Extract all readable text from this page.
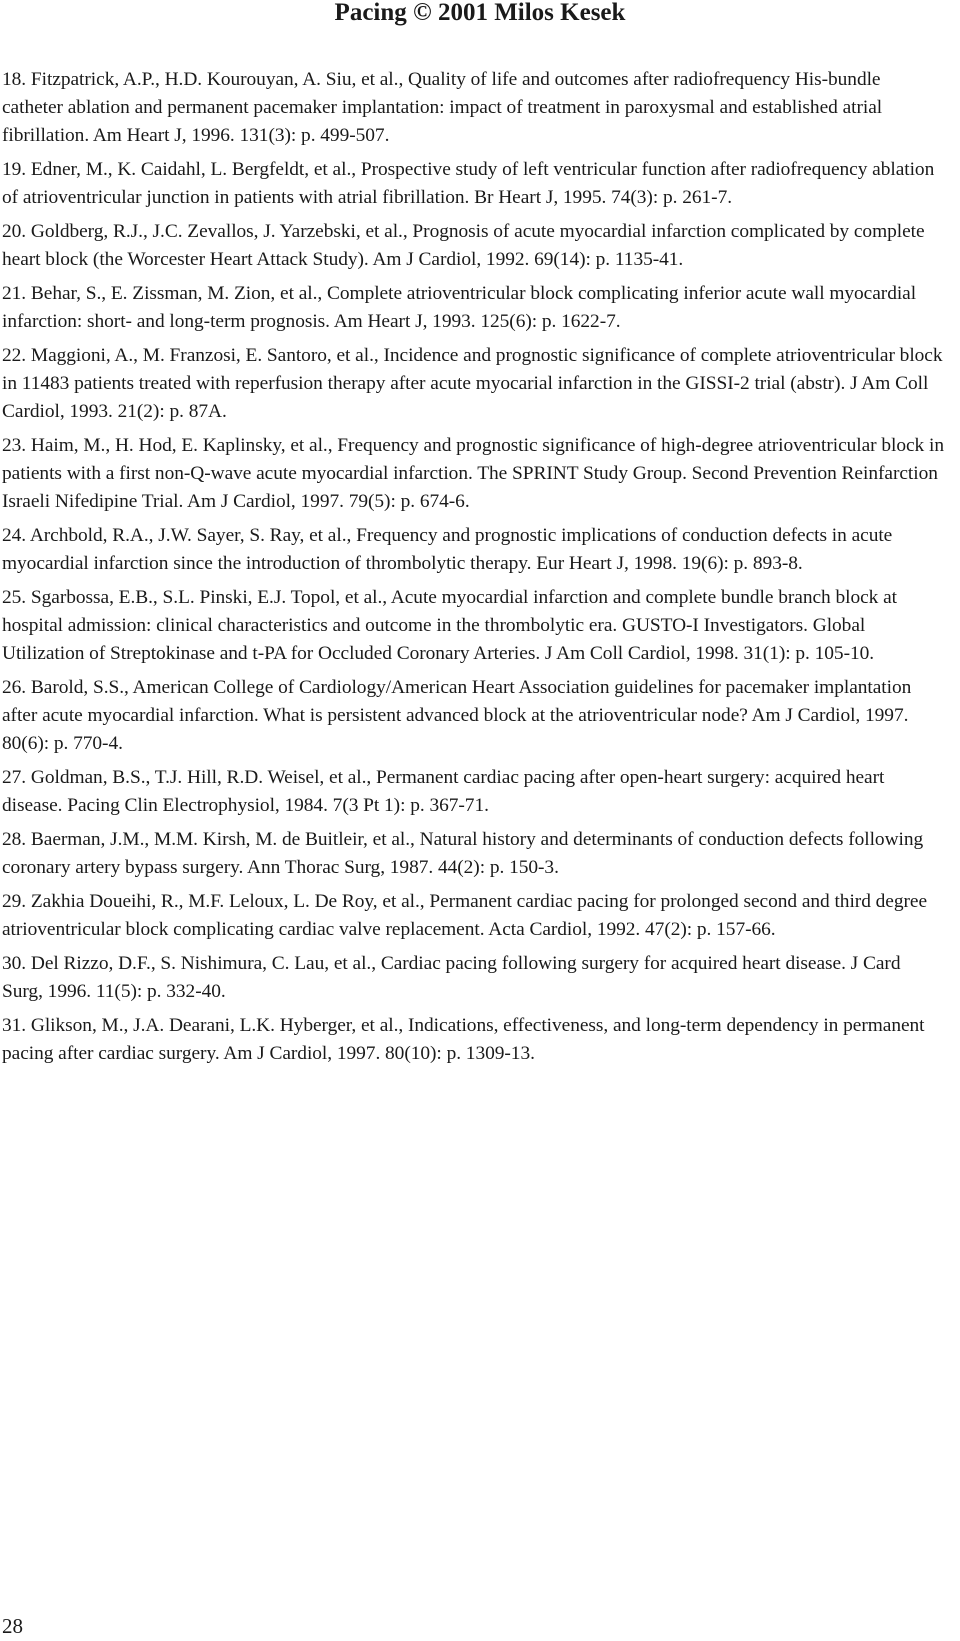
Pacing © 2001 Milos Kesek
18. Fitzpatrick, A.P., H.D. Kourouyan, A. Siu, et al., Quality of life and outcomes after radiofrequency His-bundle catheter ablation and permanent pacemaker implantation: impact of treatment in paroxysmal and established atrial fibrillation. Am Heart J, 1996. 131(3): p. 499-507.
19. Edner, M., K. Caidahl, L. Bergfeldt, et al., Prospective study of left ventricular function after radiofrequency ablation of atrioventricular junction in patients with atrial fibrillation. Br Heart J, 1995. 74(3): p. 261-7.
20. Goldberg, R.J., J.C. Zevallos, J. Yarzebski, et al., Prognosis of acute myocardial infarction complicated by complete heart block (the Worcester Heart Attack Study). Am J Cardiol, 1992. 69(14): p. 1135-41.
21. Behar, S., E. Zissman, M. Zion, et al., Complete atrioventricular block complicating inferior acute wall myocardial infarction: short- and long-term prognosis. Am Heart J, 1993. 125(6): p. 1622-7.
22. Maggioni, A., M. Franzosi, E. Santoro, et al., Incidence and prognostic significance of complete atrioventricular block in 11483 patients treated with reperfusion therapy after acute myocarial infarction in the GISSI-2 trial (abstr). J Am Coll Cardiol, 1993. 21(2): p. 87A.
23. Haim, M., H. Hod, E. Kaplinsky, et al., Frequency and prognostic significance of high-degree atrioventricular block in patients with a first non-Q-wave acute myocardial infarction. The SPRINT Study Group. Second Prevention Reinfarction Israeli Nifedipine Trial. Am J Cardiol, 1997. 79(5): p. 674-6.
24. Archbold, R.A., J.W. Sayer, S. Ray, et al., Frequency and prognostic implications of conduction defects in acute myocardial infarction since the introduction of thrombolytic therapy. Eur Heart J, 1998. 19(6): p. 893-8.
25. Sgarbossa, E.B., S.L. Pinski, E.J. Topol, et al., Acute myocardial infarction and complete bundle branch block at hospital admission: clinical characteristics and outcome in the thrombolytic era. GUSTO-I Investigators. Global Utilization of Streptokinase and t-PA for Occluded Coronary Arteries. J Am Coll Cardiol, 1998. 31(1): p. 105-10.
26. Barold, S.S., American College of Cardiology/American Heart Association guidelines for pacemaker implantation after acute myocardial infarction. What is persistent advanced block at the atrioventricular node? Am J Cardiol, 1997. 80(6): p. 770-4.
27. Goldman, B.S., T.J. Hill, R.D. Weisel, et al., Permanent cardiac pacing after open-heart surgery: acquired heart disease. Pacing Clin Electrophysiol, 1984. 7(3 Pt 1): p. 367-71.
28. Baerman, J.M., M.M. Kirsh, M. de Buitleir, et al., Natural history and determinants of conduction defects following coronary artery bypass surgery. Ann Thorac Surg, 1987. 44(2): p. 150-3.
29. Zakhia Doueihi, R., M.F. Leloux, L. De Roy, et al., Permanent cardiac pacing for prolonged second and third degree atrioventricular block complicating cardiac valve replacement. Acta Cardiol, 1992. 47(2): p. 157-66.
30. Del Rizzo, D.F., S. Nishimura, C. Lau, et al., Cardiac pacing following surgery for acquired heart disease. J Card Surg, 1996. 11(5): p. 332-40.
31. Glikson, M., J.A. Dearani, L.K. Hyberger, et al., Indications, effectiveness, and long-term dependency in permanent pacing after cardiac surgery. Am J Cardiol, 1997. 80(10): p. 1309-13.
28
